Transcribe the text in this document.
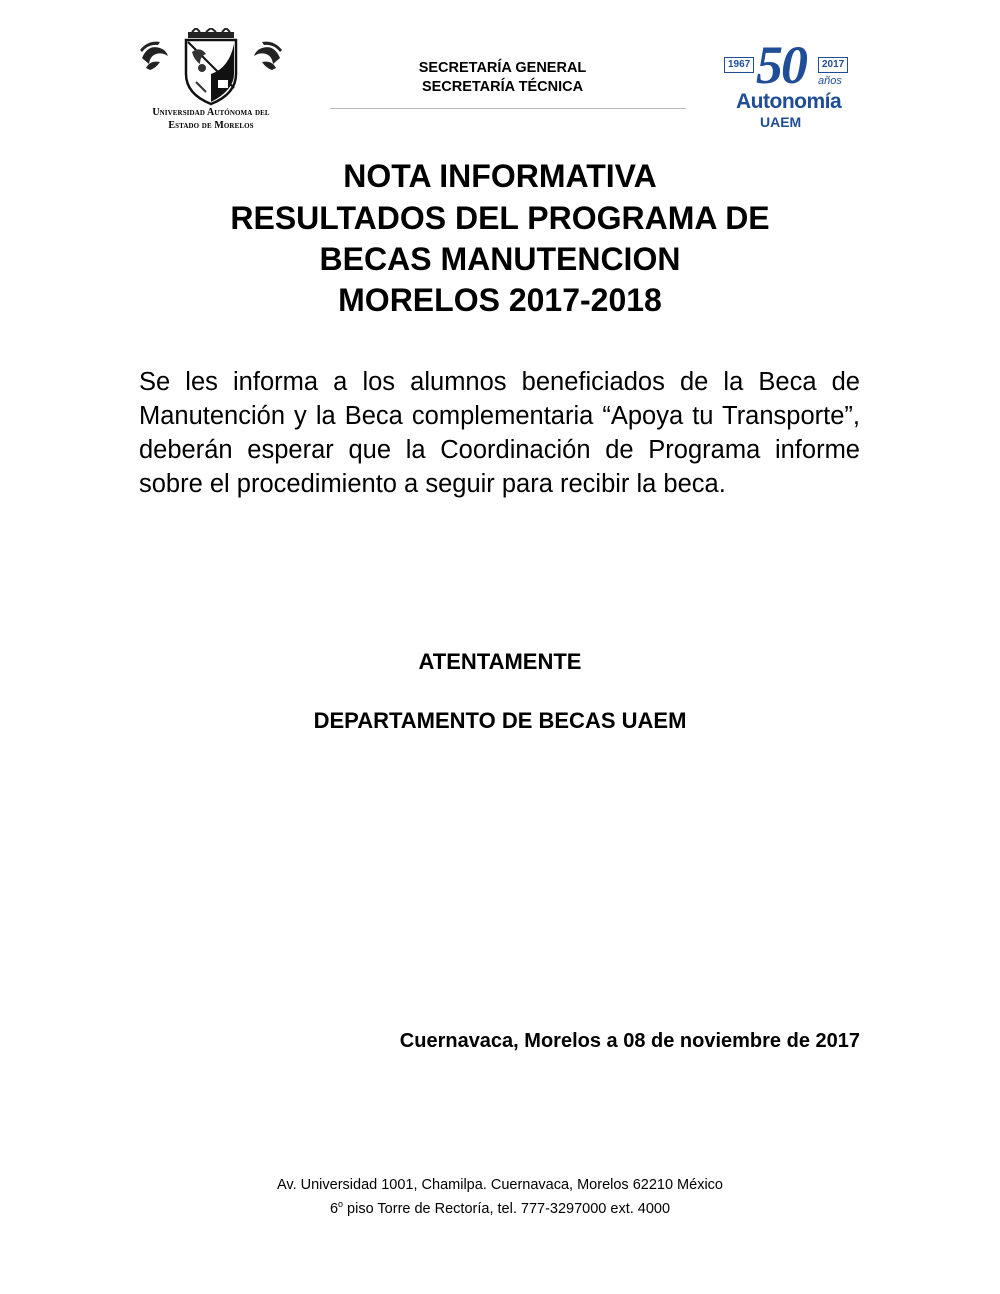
Universidad Autónoma del
Estado de Morelos
SECRETARÍA GENERAL
SECRETARÍA TÉCNICA	50
1967	2017
años
Autonomía
UAEM
NOTA INFORMATIVA
RESULTADOS DEL PROGRAMA DE
BECAS MANUTENCION
MORELOS 2017-2018
Se les informa a los alumnos beneficiados de la Beca de Manutención y la Beca complementaria “Apoya tu Transporte”, deberán esperar que la Coordinación de Programa informe sobre el procedimiento a seguir para recibir la beca.
ATENTAMENTE
DEPARTAMENTO DE BECAS UAEM
Cuernavaca, Morelos a 08 de noviembre de 2017
Av. Universidad 1001, Chamilpa. Cuernavaca, Morelos 62210 México
6$^o$ piso Torre de Rectoría, tel. 777-3297000 ext. 4000
